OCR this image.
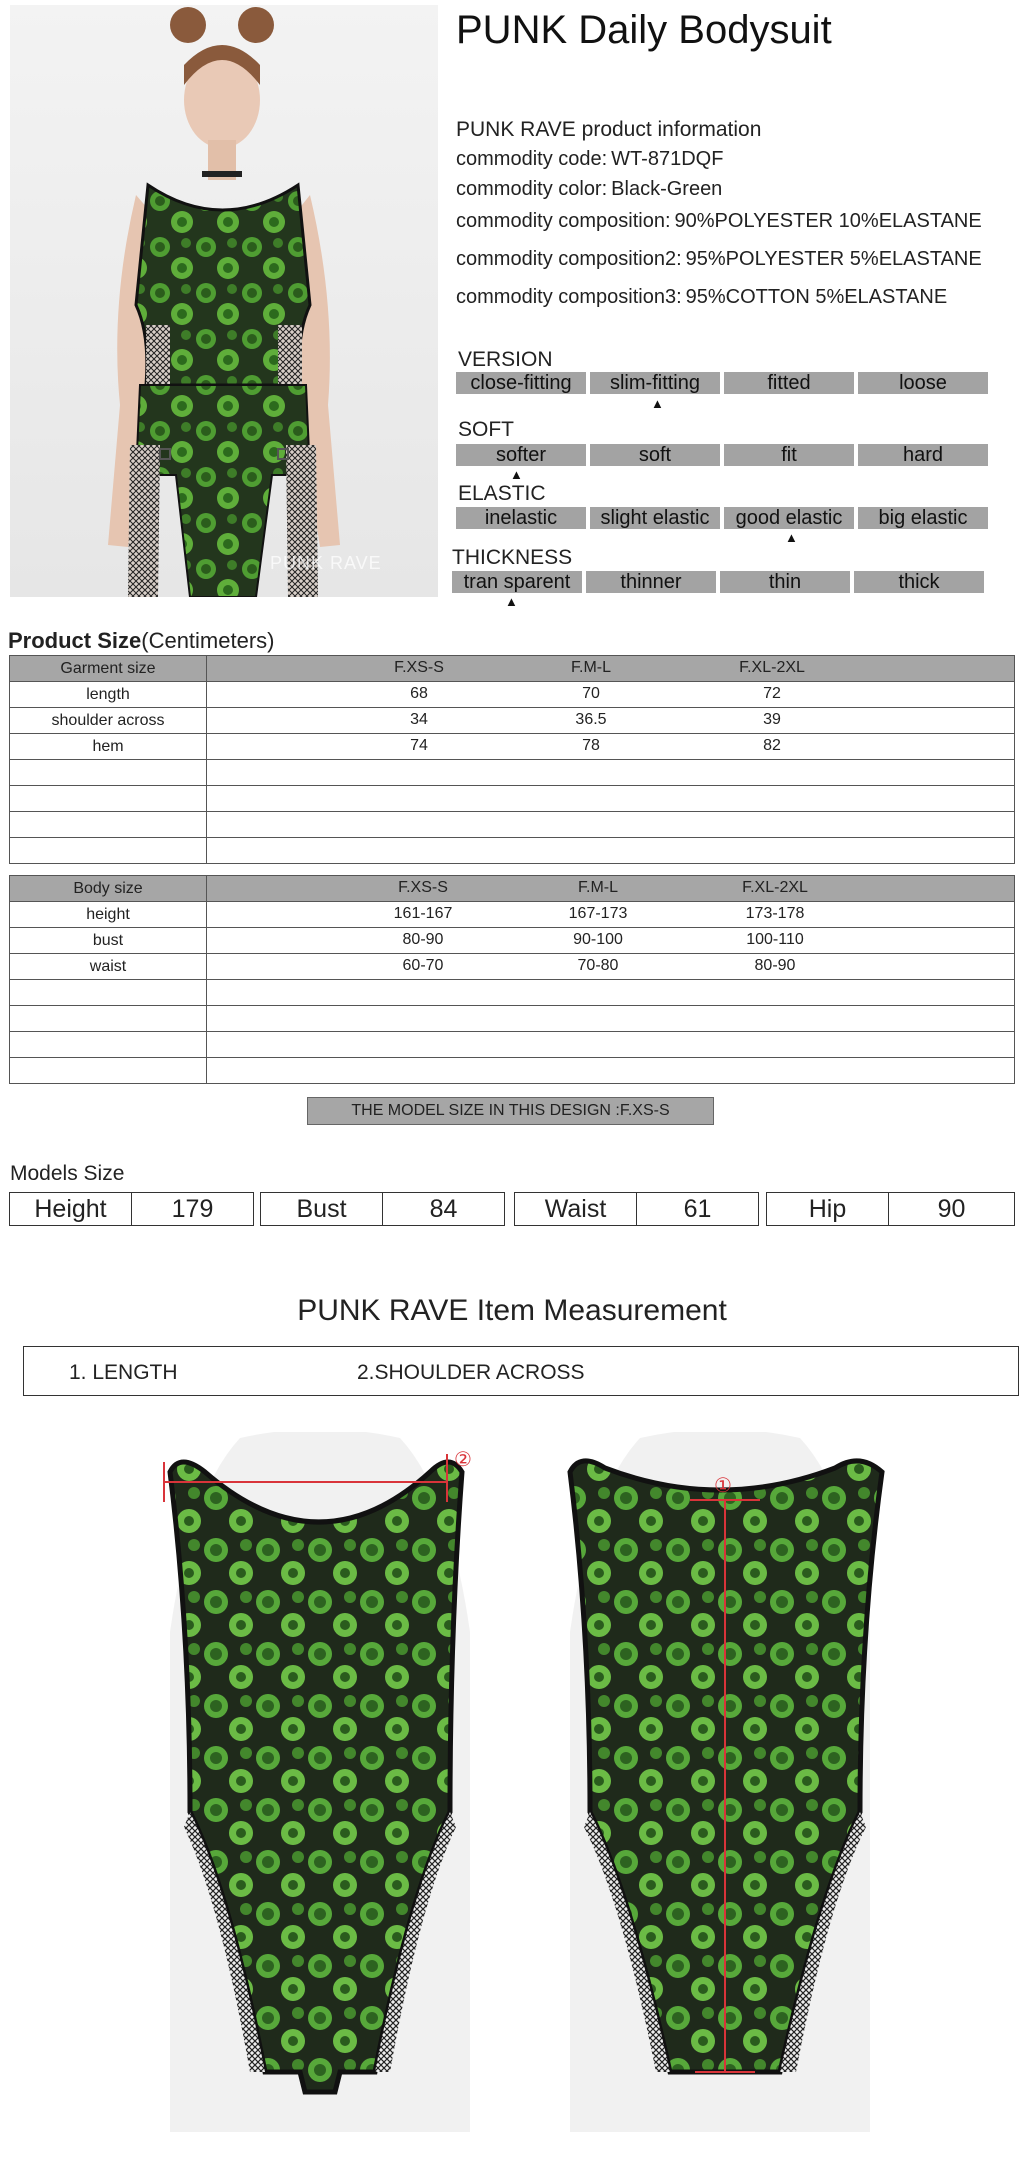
PUNK RAVE
PUNK Daily Bodysuit
PUNK RAVE product information
commodity code: WT-871DQF
commodity color: Black-Green
commodity composition: 90%POLYESTER 10%ELASTANE
commodity composition2: 95%POLYESTER 5%ELASTANE
commodity composition3: 95%COTTON 5%ELASTANE
VERSION
close-fitting	slim-fitting	fitted	loose
▲
SOFT
softer	soft	fit	hard
▲
ELASTIC
inelastic	slight elastic	good elastic	big elastic
▲
THICKNESS
tran sparent	thinner	thin	thick
▲
Product Size(Centimeters)
Garment size	F.XS-S F.M-L F.XL-2XL

length	68 70 72

shoulder across	34 36.5 39

hem	74 78 82

Body size	F.XS-S F.M-L F.XL-2XL

height	161-167 167-173 173-178

bust	80-90 90-100 100-110

waist	60-70 70-80 80-90

THE MODEL SIZE IN THIS DESIGN :F.XS-S
Models Size
Height	179	Bust	84	Waist	61	Hip	90
PUNK RAVE Item Measurement
1. LENGTH	2.SHOULDER ACROSS
②
①
